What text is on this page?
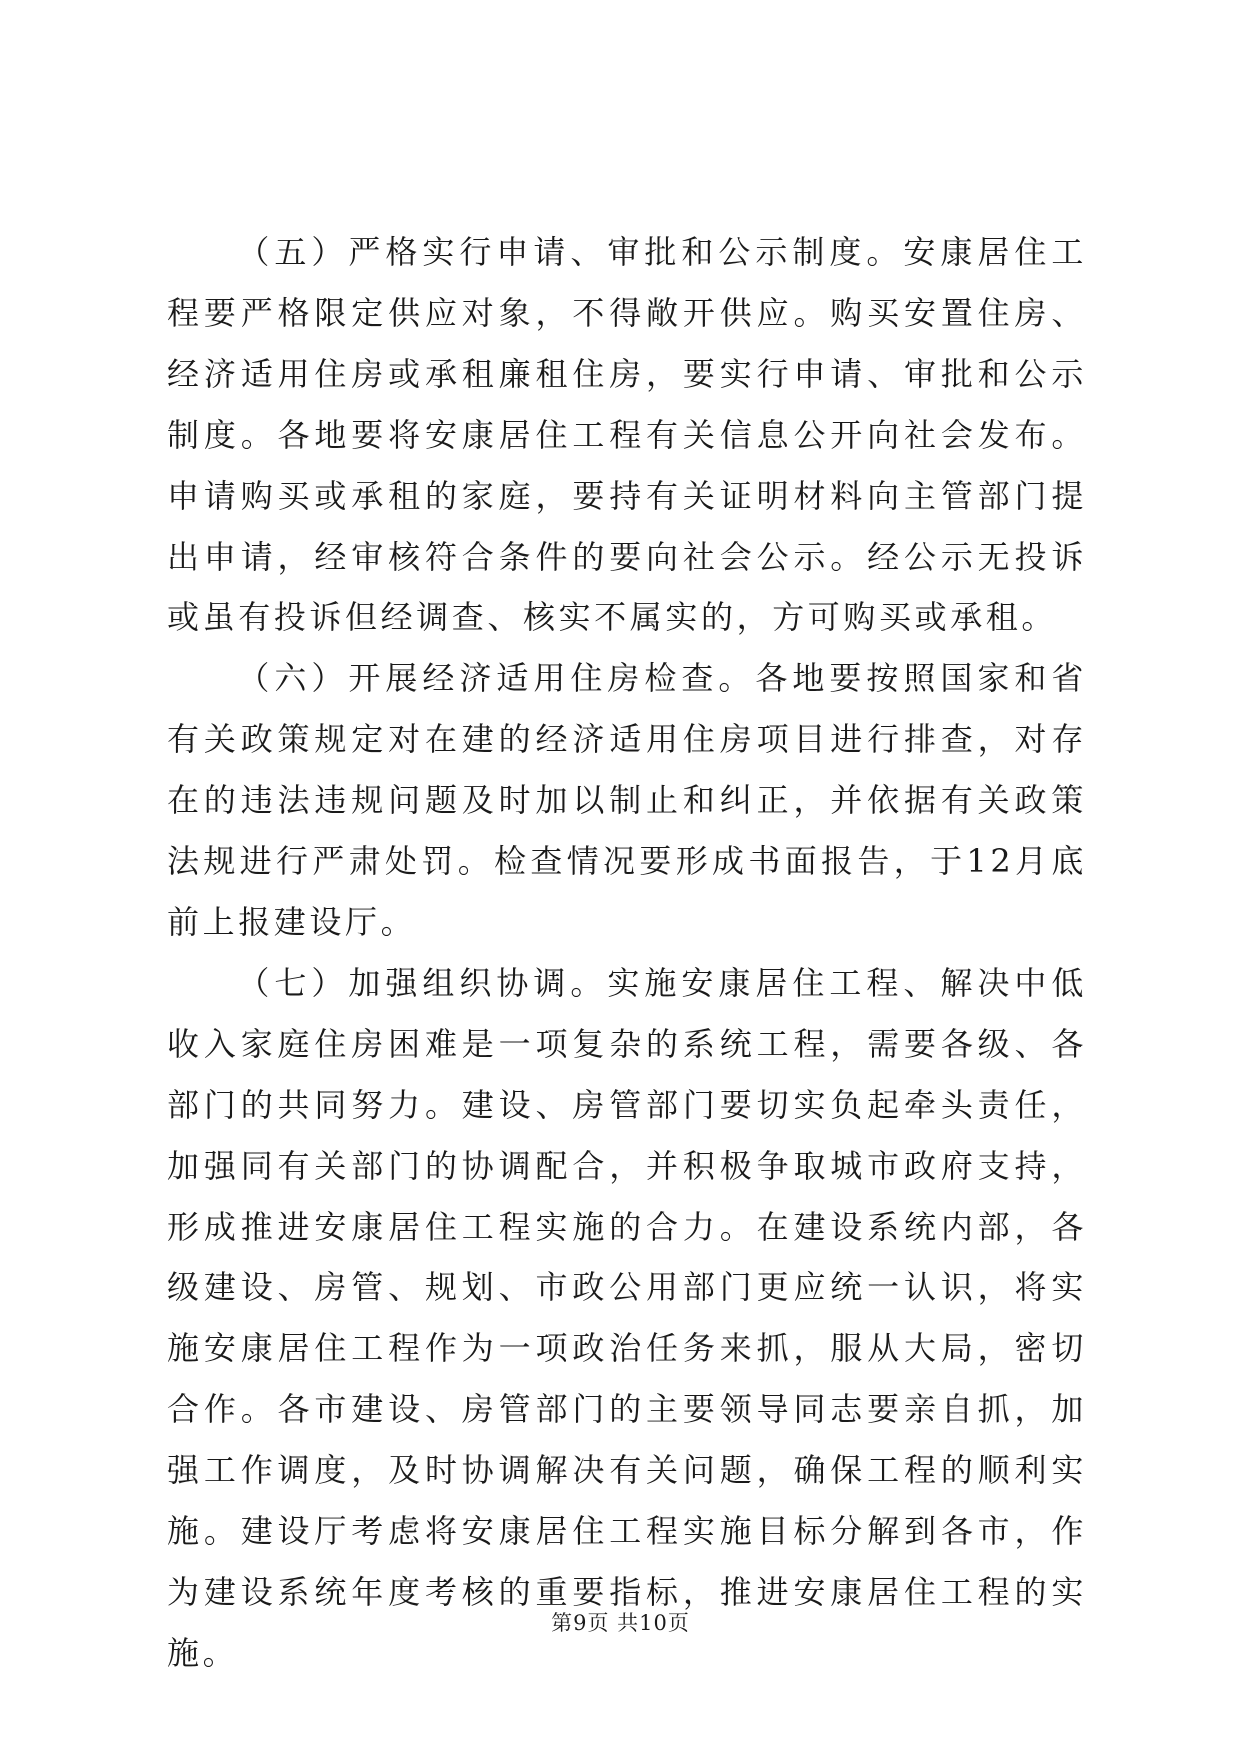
（五）严格实行申请、审批和公示制度。安康居住工程要严格限定供应对象，不得敞开供应。购买安置住房、经济适用住房或承租廉租住房，要实行申请、审批和公示制度。各地要将安康居住工程有关信息公开向社会发布。申请购买或承租的家庭，要持有关证明材料向主管部门提出申请，经审核符合条件的要向社会公示。经公示无投诉或虽有投诉但经调查、核实不属实的，方可购买或承租。

（六）开展经济适用住房检查。各地要按照国家和省有关政策规定对在建的经济适用住房项目进行排查，对存在的违法违规问题及时加以制止和纠正，并依据有关政策法规进行严肃处罚。检查情况要形成书面报告，于12月底前上报建设厅。

（七）加强组织协调。实施安康居住工程、解决中低收入家庭住房困难是一项复杂的系统工程，需要各级、各部门的共同努力。建设、房管部门要切实负起牵头责任，加强同有关部门的协调配合，并积极争取城市政府支持，形成推进安康居住工程实施的合力。在建设系统内部，各级建设、房管、规划、市政公用部门更应统一认识，将实施安康居住工程作为一项政治任务来抓，服从大局，密切合作。各市建设、房管部门的主要领导同志要亲自抓，加强工作调度，及时协调解决有关问题，确保工程的顺利实施。建设厅考虑将安康居住工程实施目标分解到各市，作为建设系统年度考核的重要指标，推进安康居住工程的实施。

第9页 共10页
